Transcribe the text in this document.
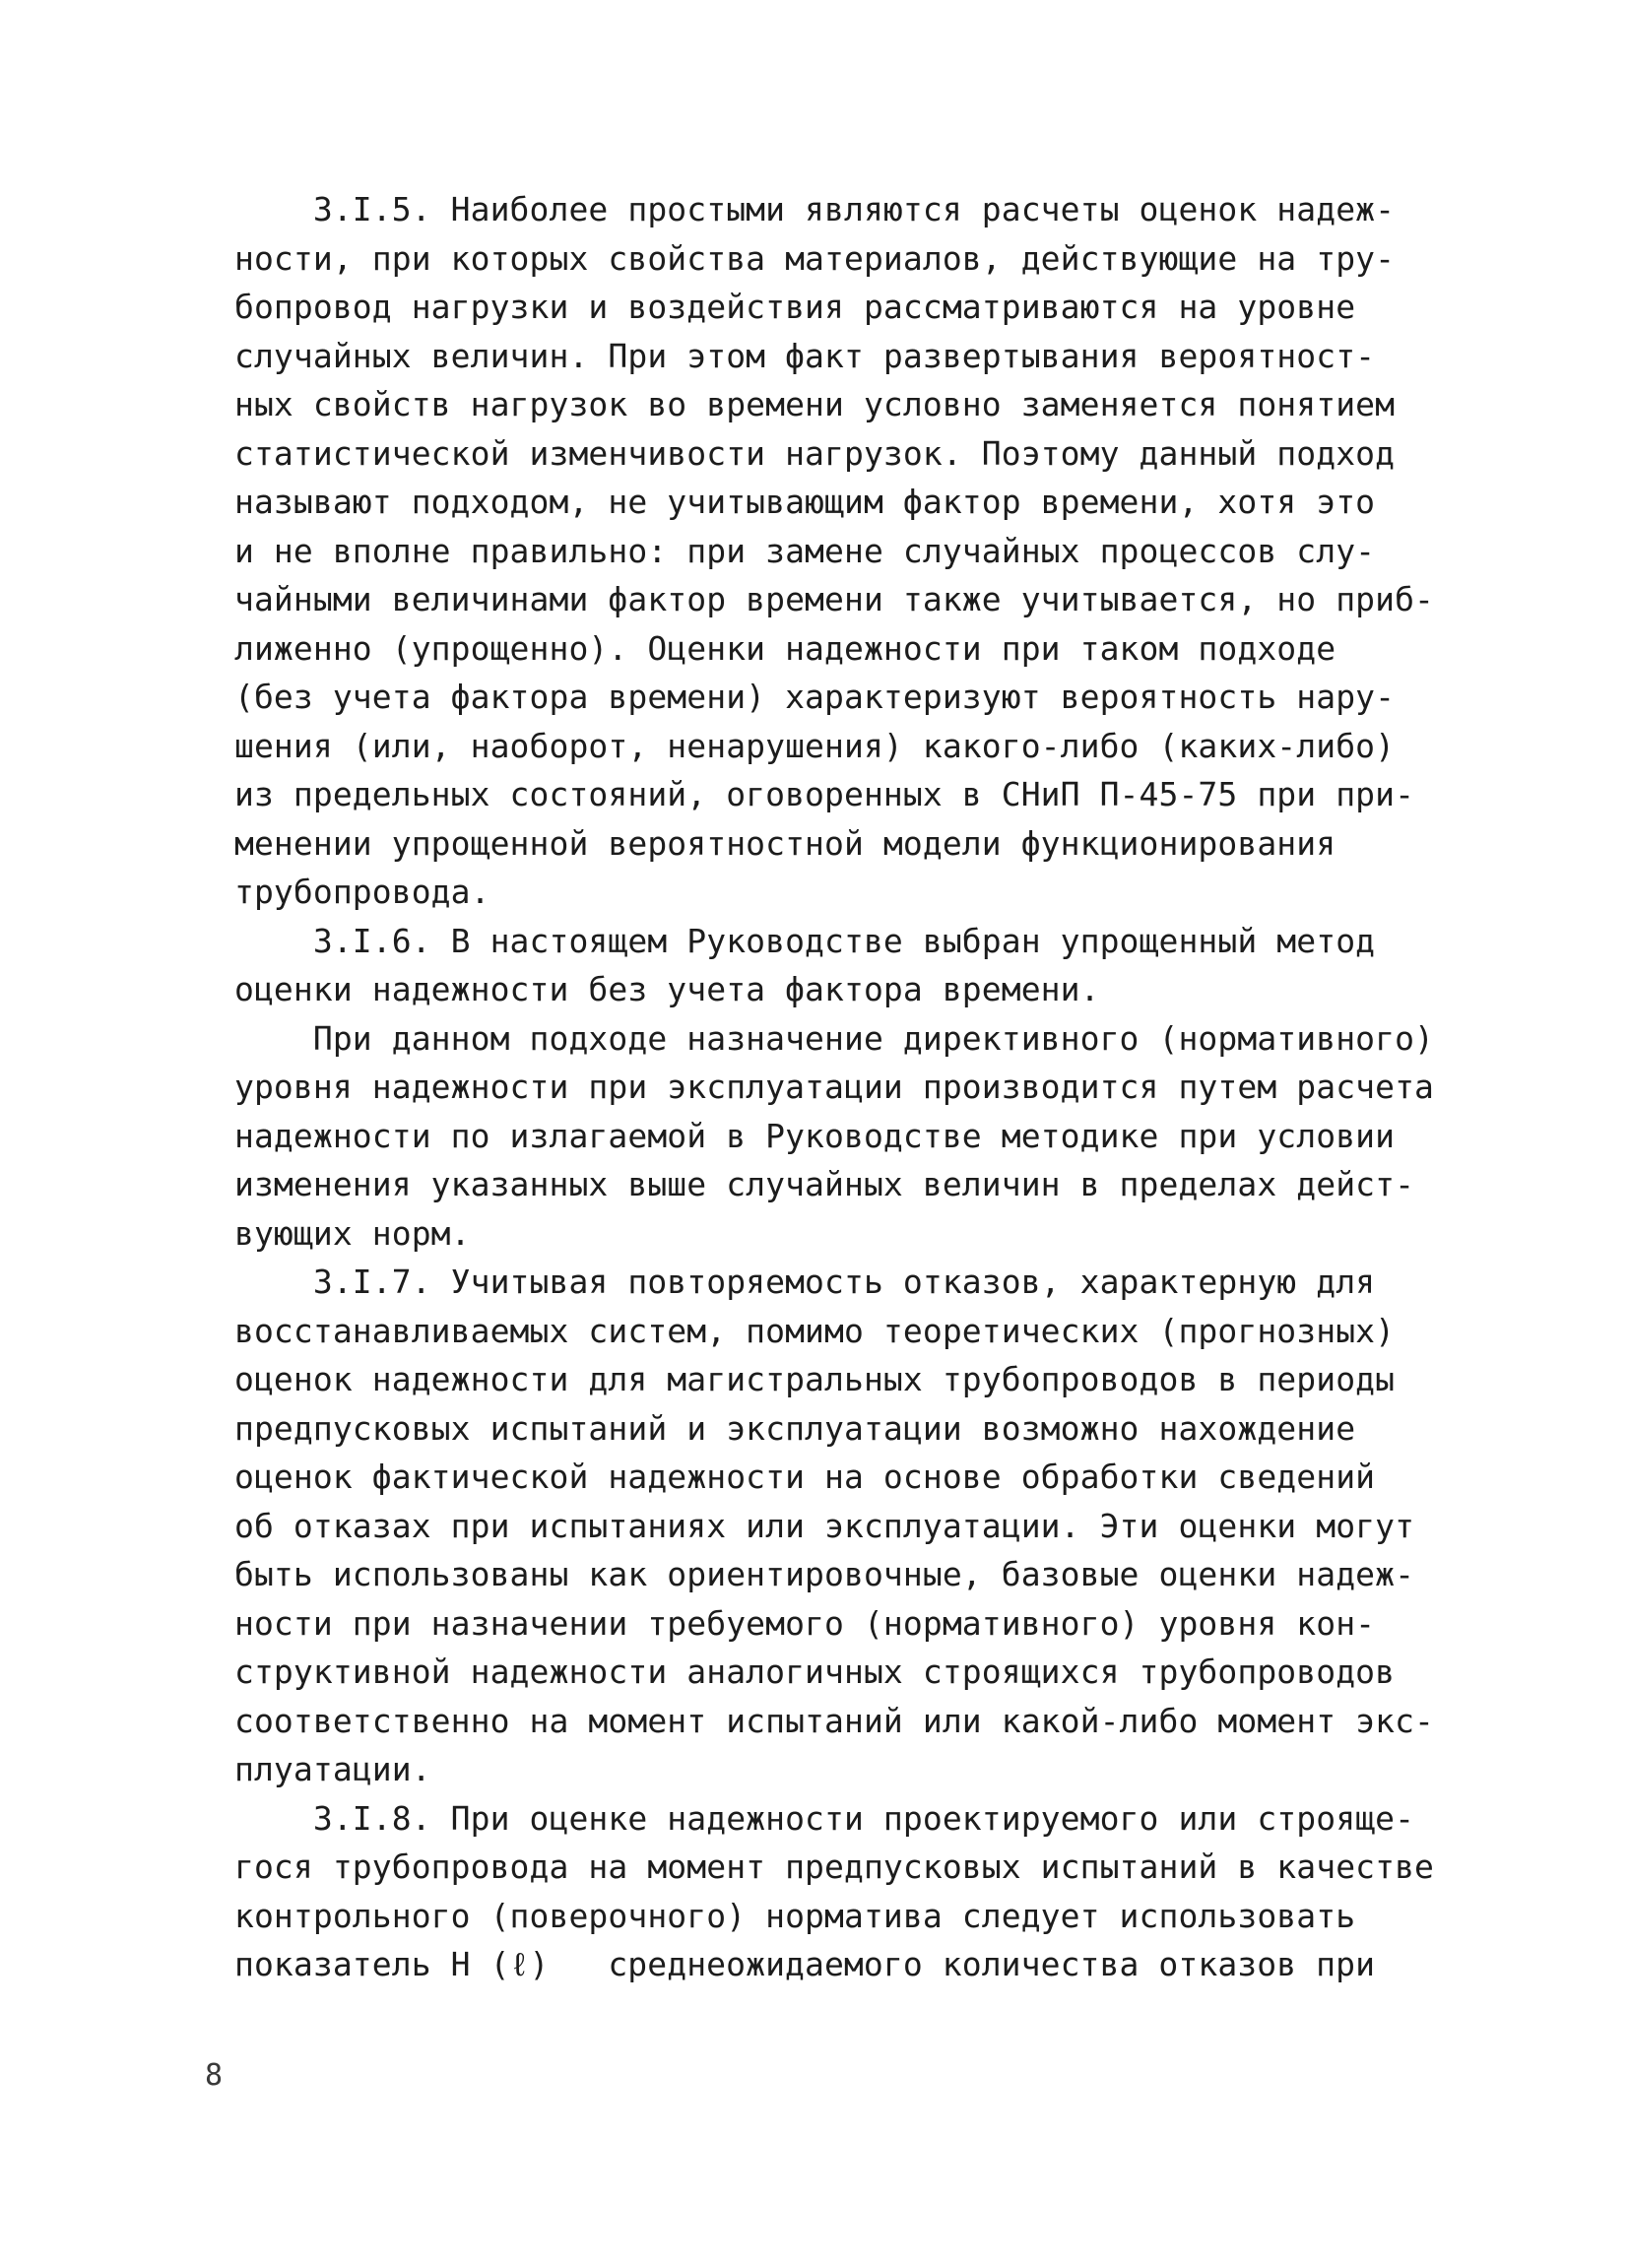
3.I.5. Наиболее простыми являются расчеты оценок надеж-
ности, при которых свойства материалов, действующие на тру-
бопровод нагрузки и воздействия рассматриваются на уровне
случайных величин. При этом факт развертывания вероятност-
ных свойств нагрузок во времени условно заменяется понятием
статистической изменчивости нагрузок. Поэтому данный подход
называют подходом, не учитывающим фактор времени, хотя это
и не вполне правильно: при замене случайных процессов слу-
чайными величинами фактор времени также учитывается, но приб-
лиженно (упрощенно). Оценки надежности при таком подходе
(без учета фактора времени) характеризуют вероятность нару-
шения (или, наоборот, ненарушения) какого-либо (каких-либо)
из предельных состояний, оговоренных в СНиП П-45-75 при при-
менении упрощенной вероятностной модели функционирования
трубопровода.
3.I.6. В настоящем Руководстве выбран упрощенный метод
оценки надежности без учета фактора времени.
При данном подходе назначение директивного (нормативного)
уровня надежности при эксплуатации производится путем расчета
надежности по излагаемой в Руководстве методике при условии
изменения указанных выше случайных величин в пределах дейст-
вующих норм.
3.I.7. Учитывая повторяемость отказов, характерную для
восстанавливаемых систем, помимо теоретических (прогнозных)
оценок надежности для магистральных трубопроводов в периоды
предпусковых испытаний и эксплуатации возможно нахождение
оценок фактической надежности на основе обработки сведений
об отказах при испытаниях или эксплуатации. Эти оценки могут
быть использованы как ориентировочные, базовые оценки надеж-
ности при назначении требуемого (нормативного) уровня кон-
структивной надежности аналогичных строящихся трубопроводов
соответственно на момент испытаний или какой-либо момент экс-
плуатации.
3.I.8. При оценке надежности проектируемого или строяще-
гося трубопровода на момент предпусковых испытаний в качестве
контрольного (поверочного) норматива следует использовать
показатель Н (ℓ)   среднеожидаемого количества отказов при
8
